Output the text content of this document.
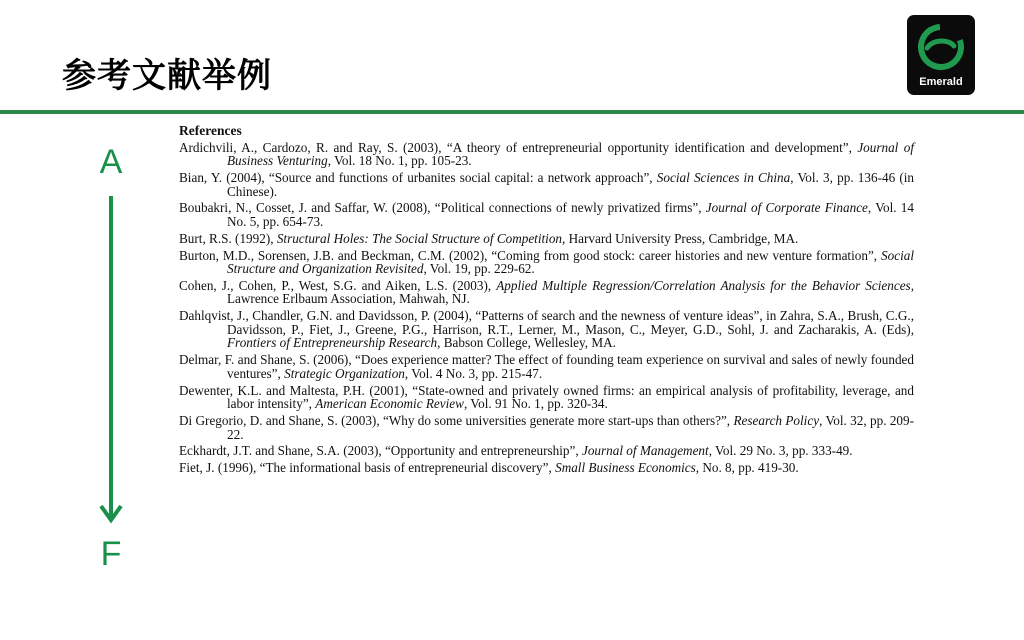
参考文献举例	Emerald
A
F
References
Ardichvili, A., Cardozo, R. and Ray, S. (2003), “A theory of entrepreneurial opportunity identification and development”, Journal of Business Venturing, Vol. 18 No. 1, pp. 105-23.
Bian, Y. (2004), “Source and functions of urbanites social capital: a network approach”, Social Sciences in China, Vol. 3, pp. 136-46 (in Chinese).
Boubakri, N., Cosset, J. and Saffar, W. (2008), “Political connections of newly privatized firms”, Journal of Corporate Finance, Vol. 14 No. 5, pp. 654-73.
Burt, R.S. (1992), Structural Holes: The Social Structure of Competition, Harvard University Press, Cambridge, MA.
Burton, M.D., Sorensen, J.B. and Beckman, C.M. (2002), “Coming from good stock: career histories and new venture formation”, Social Structure and Organization Revisited, Vol. 19, pp. 229-62.
Cohen, J., Cohen, P., West, S.G. and Aiken, L.S. (2003), Applied Multiple Regression/Correlation Analysis for the Behavior Sciences, Lawrence Erlbaum Association, Mahwah, NJ.
Dahlqvist, J., Chandler, G.N. and Davidsson, P. (2004), “Patterns of search and the newness of venture ideas”, in Zahra, S.A., Brush, C.G., Davidsson, P., Fiet, J., Greene, P.G., Harrison, R.T., Lerner, M., Mason, C., Meyer, G.D., Sohl, J. and Zacharakis, A. (Eds), Frontiers of Entrepreneurship Research, Babson College, Wellesley, MA.
Delmar, F. and Shane, S. (2006), “Does experience matter? The effect of founding team experience on survival and sales of newly founded ventures”, Strategic Organization, Vol. 4 No. 3, pp. 215-47.
Dewenter, K.L. and Maltesta, P.H. (2001), “State-owned and privately owned firms: an empirical analysis of profitability, leverage, and labor intensity”, American Economic Review, Vol. 91 No. 1, pp. 320-34.
Di Gregorio, D. and Shane, S. (2003), “Why do some universities generate more start-ups than others?”, Research Policy, Vol. 32, pp. 209-22.
Eckhardt, J.T. and Shane, S.A. (2003), “Opportunity and entrepreneurship”, Journal of Management, Vol. 29 No. 3, pp. 333-49.
Fiet, J. (1996), “The informational basis of entrepreneurial discovery”, Small Business Economics, No. 8, pp. 419-30.
